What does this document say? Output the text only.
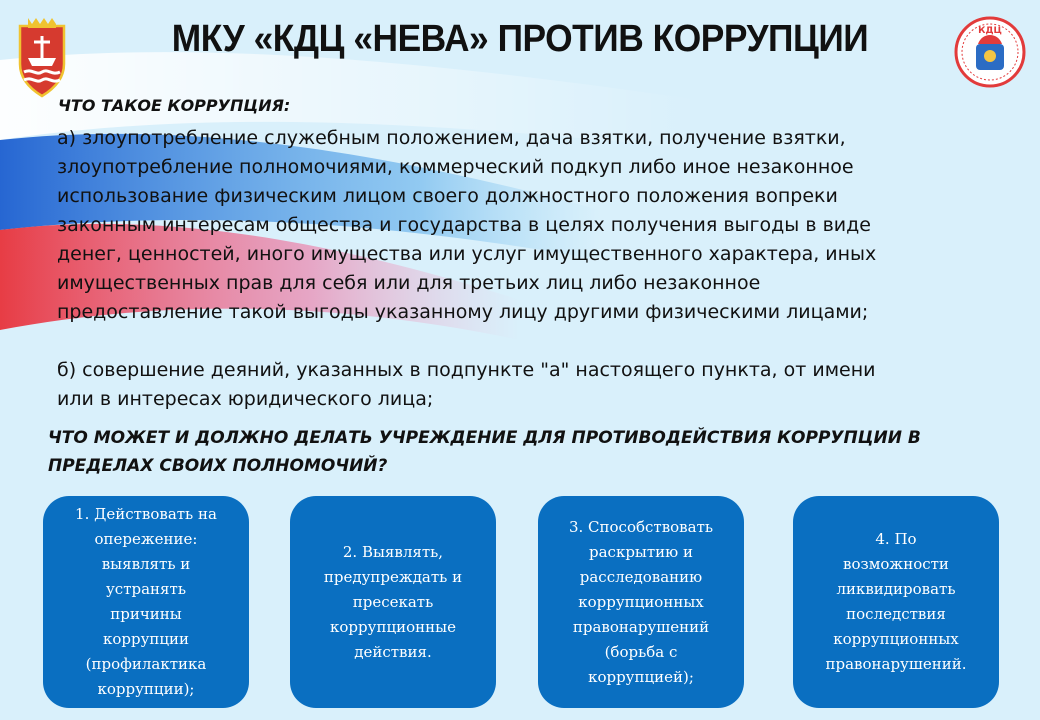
КДЦ
МКУ «КДЦ «НЕВА» ПРОТИВ КОРРУПЦИИ
ЧТО ТАКОЕ КОРРУПЦИЯ:

а) злоупотребление служебным положением, дача взятки, получение взятки,
злоупотребление полномочиями, коммерческий подкуп либо иное незаконное
использование физическим лицом своего должностного положения вопреки
законным интересам общества и государства в целях получения выгоды в виде
денег, ценностей, иного имущества или услуг имущественного характера, иных
имущественных прав для себя или для третьих лиц либо незаконное
предоставление такой выгоды указанному лицу другими физическими лицами;

б) совершение деяний, указанных в подпункте "а" настоящего пункта, от имени
или в интересах юридического лица;

ЧТО МОЖЕТ И ДОЛЖНО ДЕЛАТЬ УЧРЕЖДЕНИЕ ДЛЯ ПРОТИВОДЕЙСТВИЯ КОРРУПЦИИ В ПРЕДЕЛАХ СВОИХ ПОЛНОМОЧИЙ?
1. Действовать на
опережение:
выявлять и
устранять
причины
коррупции
(профилактика
коррупции);
2. Выявлять,
предупреждать и
пресекать
коррупционные
действия.
3. Способствовать
раскрытию и
расследованию
коррупционных
правонарушений
(борьба с
коррупцией);
4. По
возможности
ликвидировать
последствия
коррупционных
правонарушений.
